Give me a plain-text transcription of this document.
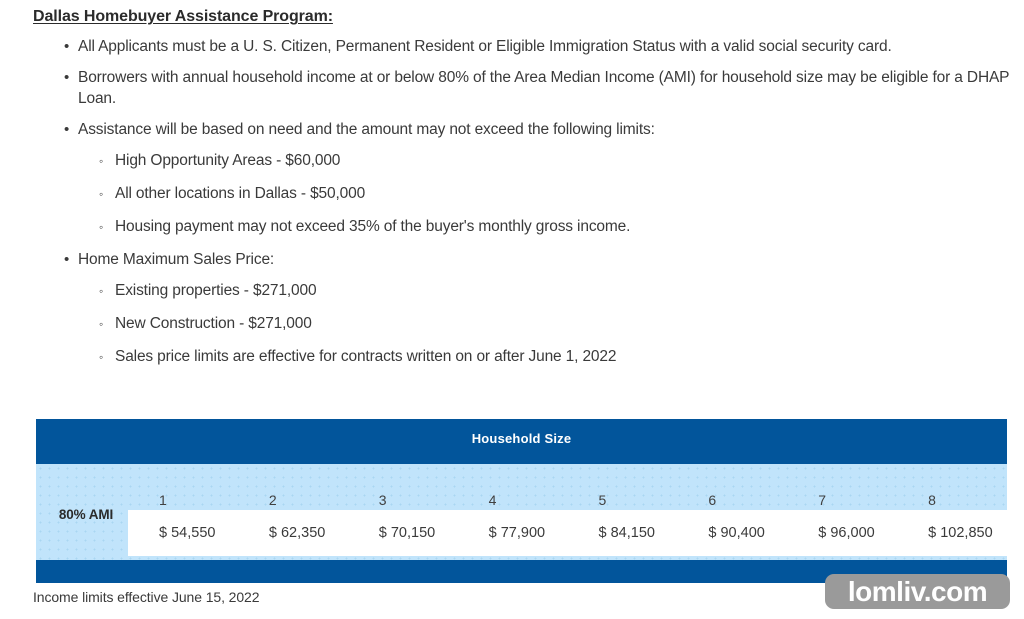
Dallas Homebuyer Assistance Program:
• All Applicants must be a U. S. Citizen, Permanent Resident or Eligible Immigration Status with a valid social security card.
• Borrowers with annual household income at or below 80% of the Area Median Income (AMI) for household size may be eligible for a DHAP Loan.
• Assistance will be based on need and the amount may not exceed the following limits:
◦ High Opportunity Areas - $60,000
◦ All other locations in Dallas - $50,000
◦ Housing payment may not exceed 35% of the buyer's monthly gross income.
• Home Maximum Sales Price:
◦ Existing properties - $271,000
◦ New Construction - $271,000
◦ Sales price limits are effective for contracts written on or after June 1, 2022
Household Size
80% AMI
1	2	3	4	5	6	7	8
$ 54,550	$ 62,350	$ 70,150	$ 77,900	$ 84,150	$ 90,400	$ 96,000	$ 102,850
Income limits effective June 15, 2022	lomliv.com
